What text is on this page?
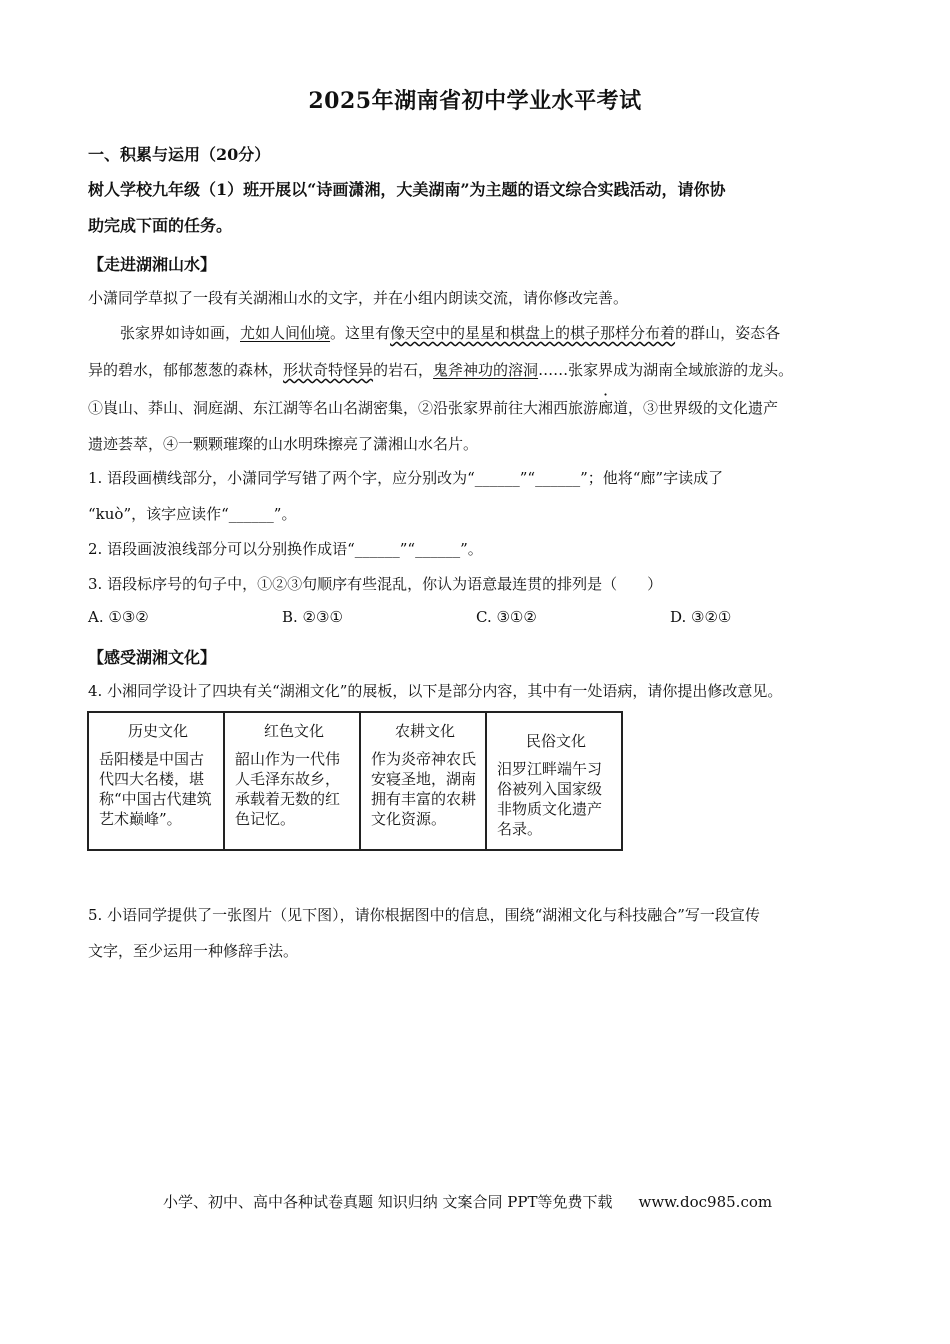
2025年湖南省初中学业水平考试
一、积累与运用（20分）
树人学校九年级（1）班开展以“诗画潇湘，大美湖南”为主题的语文综合实践活动，请你协
助完成下面的任务。
【走进湖湘山水】
小潇同学草拟了一段有关湖湘山水的文字，并在小组内朗读交流，请你修改完善。
张家界如诗如画，尤如人间仙境。这里有像天空中的星星和棋盘上的棋子那样分布着的群山，姿态各
异的碧水，郁郁葱葱的森林，形状奇特怪异的岩石，鬼斧神功的溶洞……张家界成为湖南全域旅游的龙头。
①崀山、莽山、洞庭湖、东江湖等名山名湖密集，②沿张家界前往大湘西旅游廊道，③世界级的文化遗产
遗迹荟萃，④一颗颗璀璨的山水明珠擦亮了潇湘山水名片。
1. 语段画横线部分，小潇同学写错了两个字，应分别改为“______”“______”；他将“廊”字读成了
“kuò”，该字应读作“______”。
2. 语段画波浪线部分可以分别换作成语“______”“______”。
3. 语段标序号的句子中，①②③句顺序有些混乱，你认为语意最连贯的排列是（　　）
A. ①③②	B. ②③①	C. ③①②	D. ③②①
【感受湖湘文化】
4. 小湘同学设计了四块有关“湖湘文化”的展板，以下是部分内容，其中有一处语病，请你提出修改意见。
历史文化
岳阳楼是中国古代四大名楼，堪称“中国古代建筑艺术巅峰”。

红色文化
韶山作为一代伟人毛泽东故乡，承载着无数的红色记忆。

农耕文化
作为炎帝神农氏安寝圣地，湖南拥有丰富的农耕文化资源。

民俗文化
汨罗江畔端午习俗被列入国家级非物质文化遗产名录。
5. 小语同学提供了一张图片（见下图），请你根据图中的信息，围绕“湖湘文化与科技融合”写一段宣传
文字，至少运用一种修辞手法。
小学、初中、高中各种试卷真题 知识归纳 文案合同 PPT等免费下载 www.doc985.com
